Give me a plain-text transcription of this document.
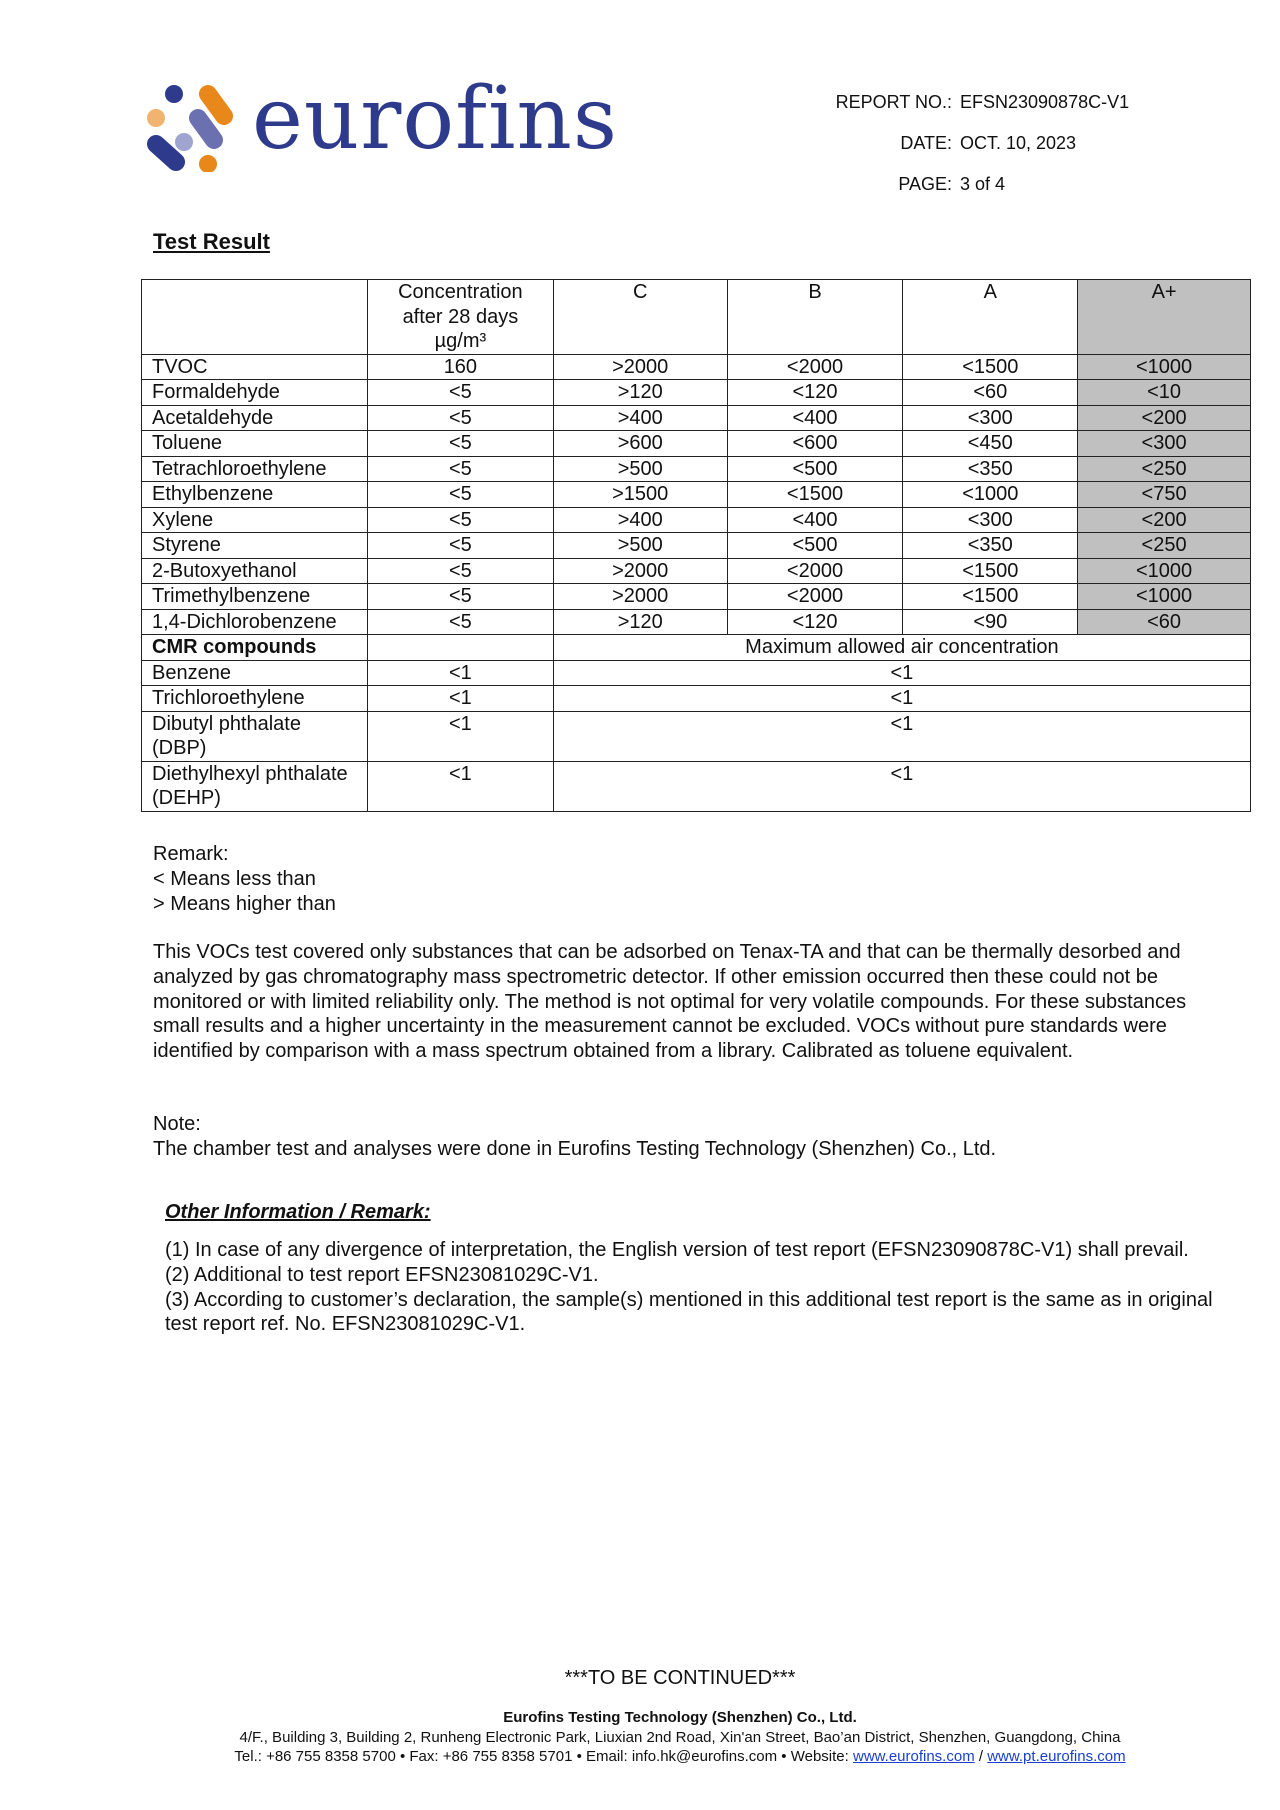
eurofins	REPORT NO.: EFSN23090878C-V1
DATE: OCT. 10, 2023
PAGE: 3 of 4
Test Result

	Concentration
after 28 days
µg/m³	C	B	A	A+
TVOC	160	>2000	<2000	<1500	<1000
Formaldehyde	<5	>120	<120	<60	<10
Acetaldehyde	<5	>400	<400	<300	<200
Toluene	<5	>600	<600	<450	<300
Tetrachloroethylene	<5	>500	<500	<350	<250
Ethylbenzene	<5	>1500	<1500	<1000	<750
Xylene	<5	>400	<400	<300	<200
Styrene	<5	>500	<500	<350	<250
2-Butoxyethanol	<5	>2000	<2000	<1500	<1000
Trimethylbenzene	<5	>2000	<2000	<1500	<1000
1,4-Dichlorobenzene	<5	>120	<120	<90	<60
CMR compounds		Maximum allowed air concentration			
Benzene	<1	<1			
Trichloroethylene	<1	<1			
Dibutyl phthalate (DBP)	<1	<1			
Diethylhexyl phthalate (DEHP)	<1	<1			
Remark:
< Means less than
> Means higher than
This VOCs test covered only substances that can be adsorbed on Tenax-TA and that can be thermally desorbed and analyzed by gas chromatography mass spectrometric detector. If other emission occurred then these could not be monitored or with limited reliability only. The method is not optimal for very volatile compounds. For these substances small results and a higher uncertainty in the measurement cannot be excluded. VOCs without pure standards were identified by comparison with a mass spectrum obtained from a library. Calibrated as toluene equivalent.
Note:
The chamber test and analyses were done in Eurofins Testing Technology (Shenzhen) Co., Ltd.
Other Information / Remark:
(1) In case of any divergence of interpretation, the English version of test report (EFSN23090878C-V1) shall prevail.
(2) Additional to test report EFSN23081029C-V1.
(3) According to customer’s declaration, the sample(s) mentioned in this additional test report is the same as in original test report ref. No. EFSN23081029C-V1.
***TO BE CONTINUED***
Eurofins Testing Technology (Shenzhen) Co., Ltd.
4/F., Building 3, Building 2, Runheng Electronic Park, Liuxian 2nd Road, Xin'an Street, Bao’an District, Shenzhen, Guangdong, China
Tel.: +86 755 8358 5700 • Fax: +86 755 8358 5701 • Email: info.hk@eurofins.com • Website: www.eurofins.com / www.pt.eurofins.com
